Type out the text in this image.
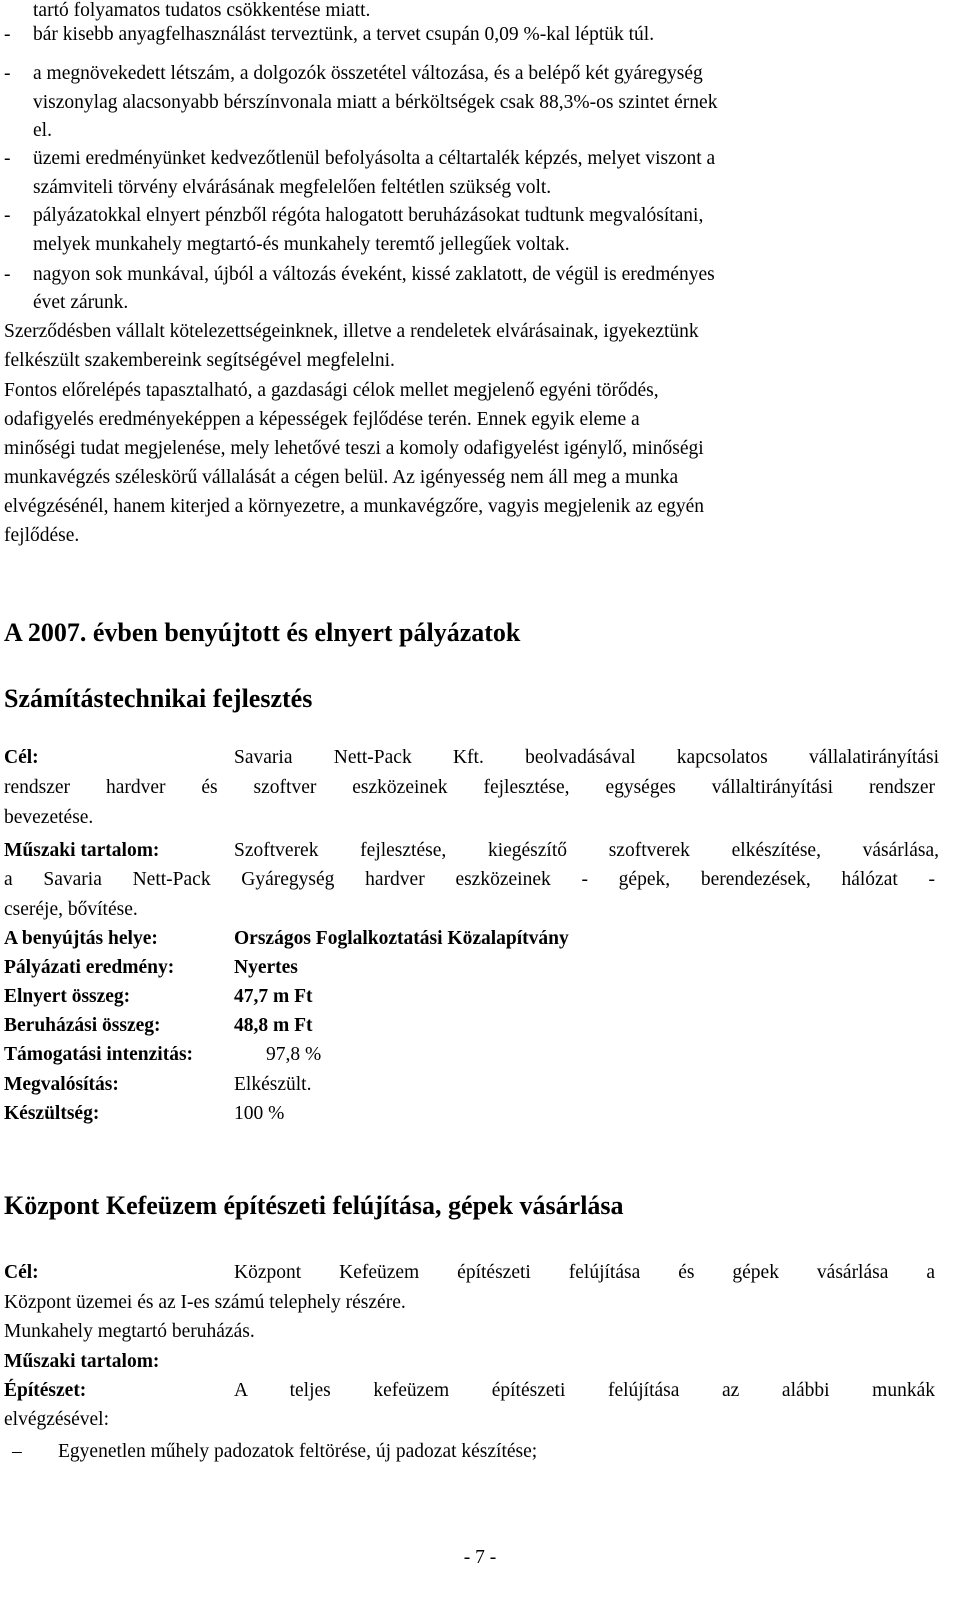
tartó folyamatos tudatos csökkentése miatt.
- bár kisebb anyagfelhasználást terveztünk, a tervet csupán 0,09 %-kal léptük túl.
- a megnövekedett létszám, a dolgozók összetétel változása, és a belépő két gyáregység
viszonylag alacsonyabb bérszínvonala miatt a bérköltségek csak 88,3%-os szintet érnek
el.
- üzemi eredményünket kedvezőtlenül befolyásolta a céltartalék képzés, melyet viszont a
számviteli törvény elvárásának megfelelően feltétlen szükség volt.
- pályázatokkal elnyert pénzből régóta halogatott beruházásokat tudtunk megvalósítani,
melyek munkahely megtartó-és munkahely teremtő jellegűek voltak.
- nagyon sok munkával, újból a változás éveként, kissé zaklatott, de végül is eredményes
évet zárunk.
Szerződésben vállalt kötelezettségeinknek, illetve a rendeletek elvárásainak, igyekeztünk
felkészült szakembereink segítségével megfelelni.
Fontos előrelépés tapasztalható, a gazdasági célok mellet megjelenő egyéni törődés,
odafigyelés eredményeképpen a képességek fejlődése terén. Ennek egyik eleme a
minőségi tudat megjelenése, mely lehetővé teszi a komoly odafigyelést igénylő, minőségi
munkavégzés széleskörű vállalását a cégen belül. Az igényesség nem áll meg a munka
elvégzésénél, hanem kiterjed a környezetre, a munkavégzőre, vagyis megjelenik az egyén
fejlődése.
A 2007. évben benyújtott és elnyert pályázatok
Számítástechnikai fejlesztés
Cél:	Savaria Nett-Pack Kft. beolvadásával kapcsolatos vállalatirányítási
rendszer hardver és szoftver eszközeinek fejlesztése, egységes vállaltirányítási rendszer
bevezetése.
Műszaki tartalom:	Szoftverek fejlesztése, kiegészítő szoftverek elkészítése, vásárlása,
a Savaria Nett-Pack Gyáregység hardver eszközeinek - gépek, berendezések, hálózat -
cseréje, bővítése.
A benyújtás helye:	Országos Foglalkoztatási Közalapítvány
Pályázati eredmény:	Nyertes
Elnyert összeg:	47,7 m Ft
Beruházási összeg:	48,8 m Ft
Támogatási intenzitás:	97,8 %
Megvalósítás:	Elkészült.
Készültség:	100 %
Központ Kefeüzem építészeti felújítása, gépek vásárlása
Cél:	Központ Kefeüzem építészeti felújítása és gépek vásárlása a
Központ üzemei és az I-es számú telephely részére.
Munkahely megtartó beruházás.
Műszaki tartalom:
Építészet:	A teljes kefeüzem építészeti felújítása az alábbi munkák
elvégzésével:
– Egyenetlen műhely padozatok feltörése, új padozat készítése;
- 7 -
